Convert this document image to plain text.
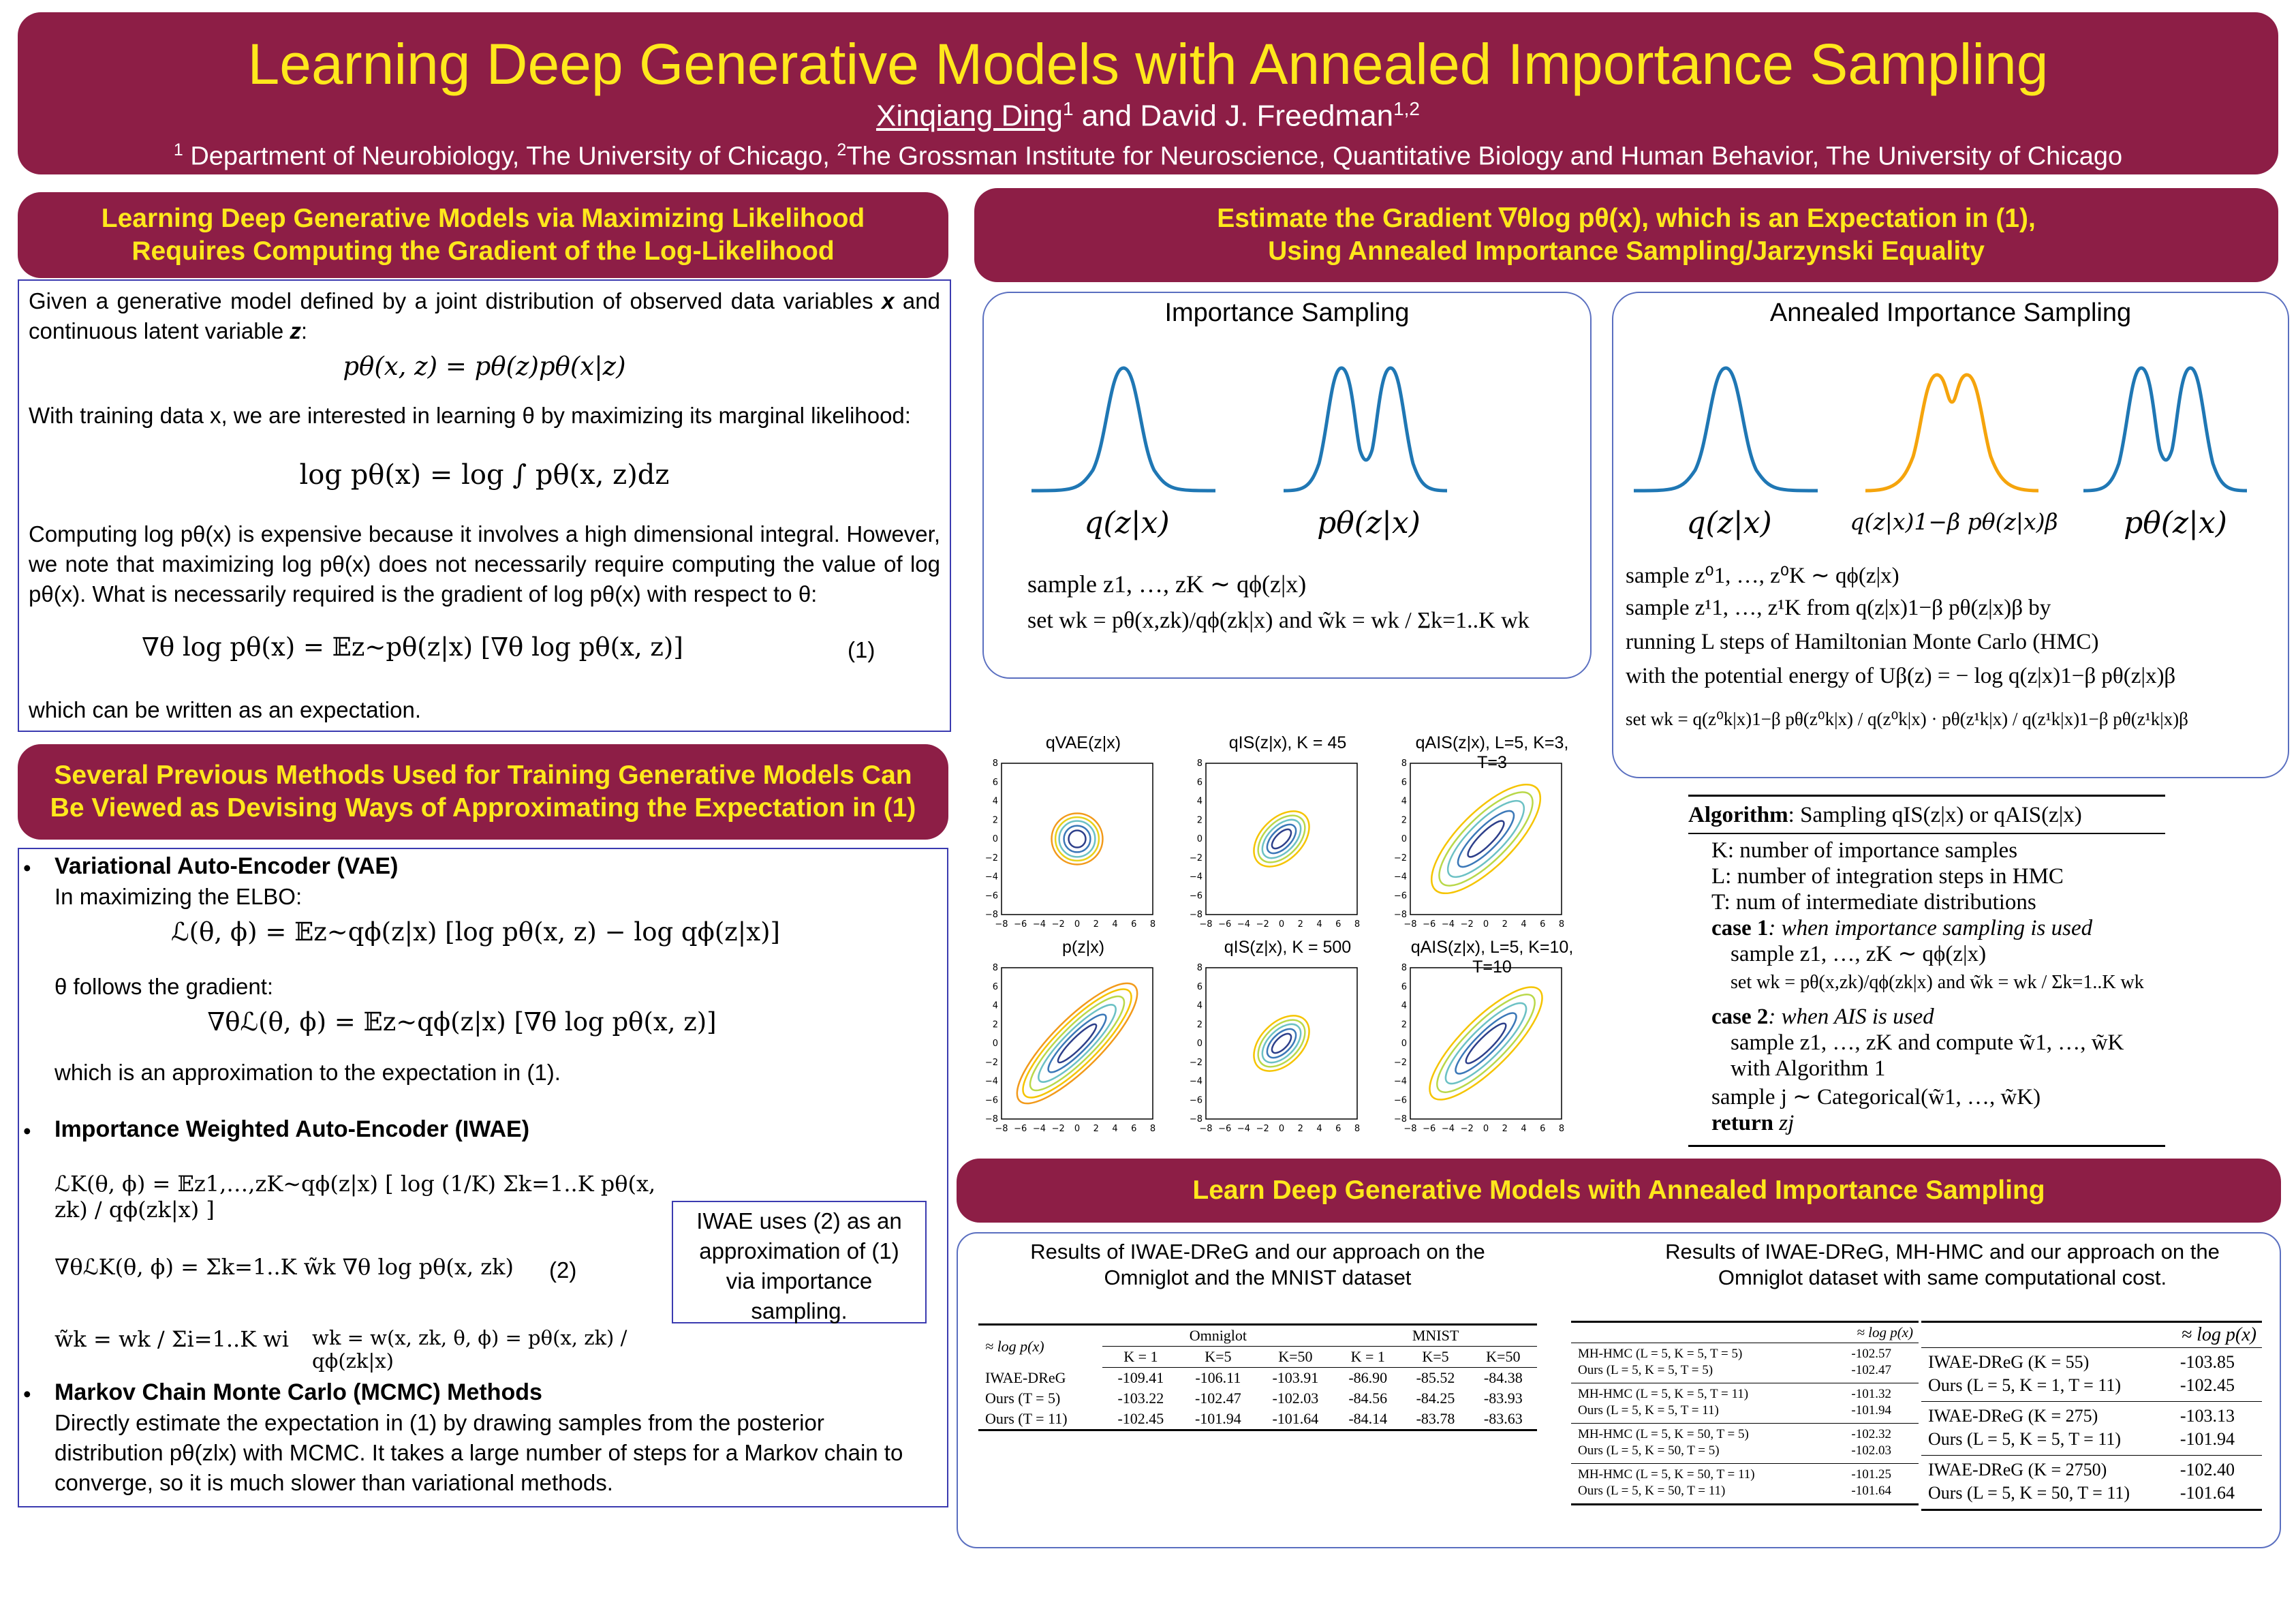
Learning Deep Generative Models with Annealed Importance Sampling
Xinqiang Ding$^1$ and David J. Freedman$^{1,2}$
$^1$ Department of Neurobiology, The University of Chicago, $^2$The Grossman Institute for Neuroscience, Quantitative Biology and Human Behavior, The University of Chicago
Learning Deep Generative Models via Maximizing Likelihood
Requires Computing the Gradient of the Log-Likelihood
Given a generative model defined by a joint distribution of observed data variables x and continuous latent variable z:
pθ(x, z) = pθ(z)pθ(x|z)
With training data x, we are interested in learning θ by maximizing its marginal likelihood:
log pθ(x) = log ∫ pθ(x, z)dz
Computing log pθ(x) is expensive because it involves a high dimensional integral. However, we note that maximizing log pθ(x) does not necessarily require computing the value of log pθ(x). What is necessarily required is the gradient of log pθ(x) with respect to θ:
∇θ log pθ(x) = 𝔼z∼pθ(z|x) [∇θ log pθ(x, z)]	(1)
which can be written as an expectation.
Several Previous Methods Used for Training Generative Models Can
Be Viewed as Devising Ways of Approximating the Expectation in (1)
• Variational Auto-Encoder (VAE)
In maximizing the ELBO:
ℒ(θ, ϕ) = 𝔼z∼qϕ(z|x) [log pθ(x, z) − log qϕ(z|x)]
θ follows the gradient:
∇θℒ(θ, ϕ) = 𝔼z∼qϕ(z|x) [∇θ log pθ(x, z)]
which is an approximation to the expectation in (1).
• Importance Weighted Auto-Encoder (IWAE)
ℒK(θ, ϕ) = 𝔼z1,…,zK∼qϕ(z|x) [ log (1/K) Σk=1..K pθ(x, zk) / qϕ(zk|x) ]
∇θℒK(θ, ϕ) = Σk=1..K w̃k ∇θ log pθ(x, zk) (2)
w̃k = wk / Σi=1..K wi	wk = w(x, zk, θ, ϕ) = pθ(x, zk) / qϕ(zk|x)
IWAE uses (2) as an approximation of (1) via importance sampling.
• Markov Chain Monte Carlo (MCMC) Methods
Directly estimate the expectation in (1) by drawing samples from the posterior distribution pθ(zlx) with MCMC. It takes a large number of steps for a Markov chain to converge, so it is much slower than variational methods.
Estimate the Gradient ∇θlog pθ(x), which is an Expectation in (1),
Using Annealed Importance Sampling/Jarzynski Equality
Importance Sampling
q(z|x)	pθ(z|x)
sample z1, …, zK ∼ qϕ(z|x)
set wk = pθ(x,zk)/qϕ(zk|x) and w̃k = wk / Σk=1..K wk
Annealed Importance Sampling
q(z|x)	q(z|x)1−β pθ(z|x)β	pθ(z|x)
sample z⁰1, …, z⁰K ∼ qϕ(z|x)
sample z¹1, …, z¹K from q(z|x)1−β pθ(z|x)β by
running L steps of Hamiltonian Monte Carlo (HMC)
with the potential energy of Uβ(z) = − log q(z|x)1−β pθ(z|x)β
set wk = q(z⁰k|x)1−β pθ(z⁰k|x) / q(z⁰k|x) · pθ(z¹k|x) / q(z¹k|x)1−β pθ(z¹k|x)β
qVAE(z|x)
−8
−8
−6
−6
−4
−4
−2
−2
0
0
2
2
4
4
6
6
8
8
qIS(z|x), K = 45
−8
−8
−6
−6
−4
−4
−2
−2
0
0
2
2
4
4
6
6
8
8
qAIS(z|x), L=5, K=3, T=3
−8
−8
−6
−6
−4
−4
−2
−2
0
0
2
2
4
4
6
6
8
8
p(z|x)
−8
−8
−6
−6
−4
−4
−2
−2
0
0
2
2
4
4
6
6
8
8
qIS(z|x), K = 500
−8
−8
−6
−6
−4
−4
−2
−2
0
0
2
2
4
4
6
6
8
8
qAIS(z|x), L=5, K=10, T=10
−8
−8
−6
−6
−4
−4
−2
−2
0
0
2
2
4
4
6
6
8
8
Algorithm: Sampling qIS(z|x) or qAIS(z|x)
K: number of importance samples
L: number of integration steps in HMC
T: num of intermediate distributions
case 1: when importance sampling is used
sample z1, …, zK ∼ qϕ(z|x)
set wk = pθ(x,zk)/qϕ(zk|x) and w̃k = wk / Σk=1..K wk
case 2: when AIS is used
sample z1, …, zK and compute w̃1, …, w̃K
with Algorithm 1
sample j ∼ Categorical(w̃1, …, w̃K)
return zj
Learn Deep Generative Models with Annealed Importance Sampling
Results of IWAE-DReG and our approach on the Omniglot and the MNIST dataset
Results of IWAE-DReG, MH-HMC and our approach on the Omniglot dataset with same computational cost.
≈ log p(x)	Omniglot			MNIST		
	K = 1	K=5	K=50	K = 1	K=5	K=50
IWAE-DReG	-109.41	-106.11	-103.91	-86.90	-85.52	-84.38
Ours (T = 5)	-103.22	-102.47	-102.03	-84.56	-84.25	-83.93
Ours (T = 11)	-102.45	-101.94	-101.64	-84.14	-83.78	-83.63
≈ log p(x)
MH-HMC (L = 5, K = 5, T = 5)	-102.57
Ours (L = 5, K = 5, T = 5)	-102.47
MH-HMC (L = 5, K = 5, T = 11)	-101.32
Ours (L = 5, K = 5, T = 11)	-101.94
MH-HMC (L = 5, K = 50, T = 5)	-102.32
Ours (L = 5, K = 50, T = 5)	-102.03
MH-HMC (L = 5, K = 50, T = 11)	-101.25
Ours (L = 5, K = 50, T = 11)	-101.64
≈ log p(x)
IWAE-DReG (K = 55)	-103.85
Ours (L = 5, K = 1, T = 11)	-102.45
IWAE-DReG (K = 275)	-103.13
Ours (L = 5, K = 5, T = 11)	-101.94
IWAE-DReG (K = 2750)	-102.40
Ours (L = 5, K = 50, T = 11)	-101.64
